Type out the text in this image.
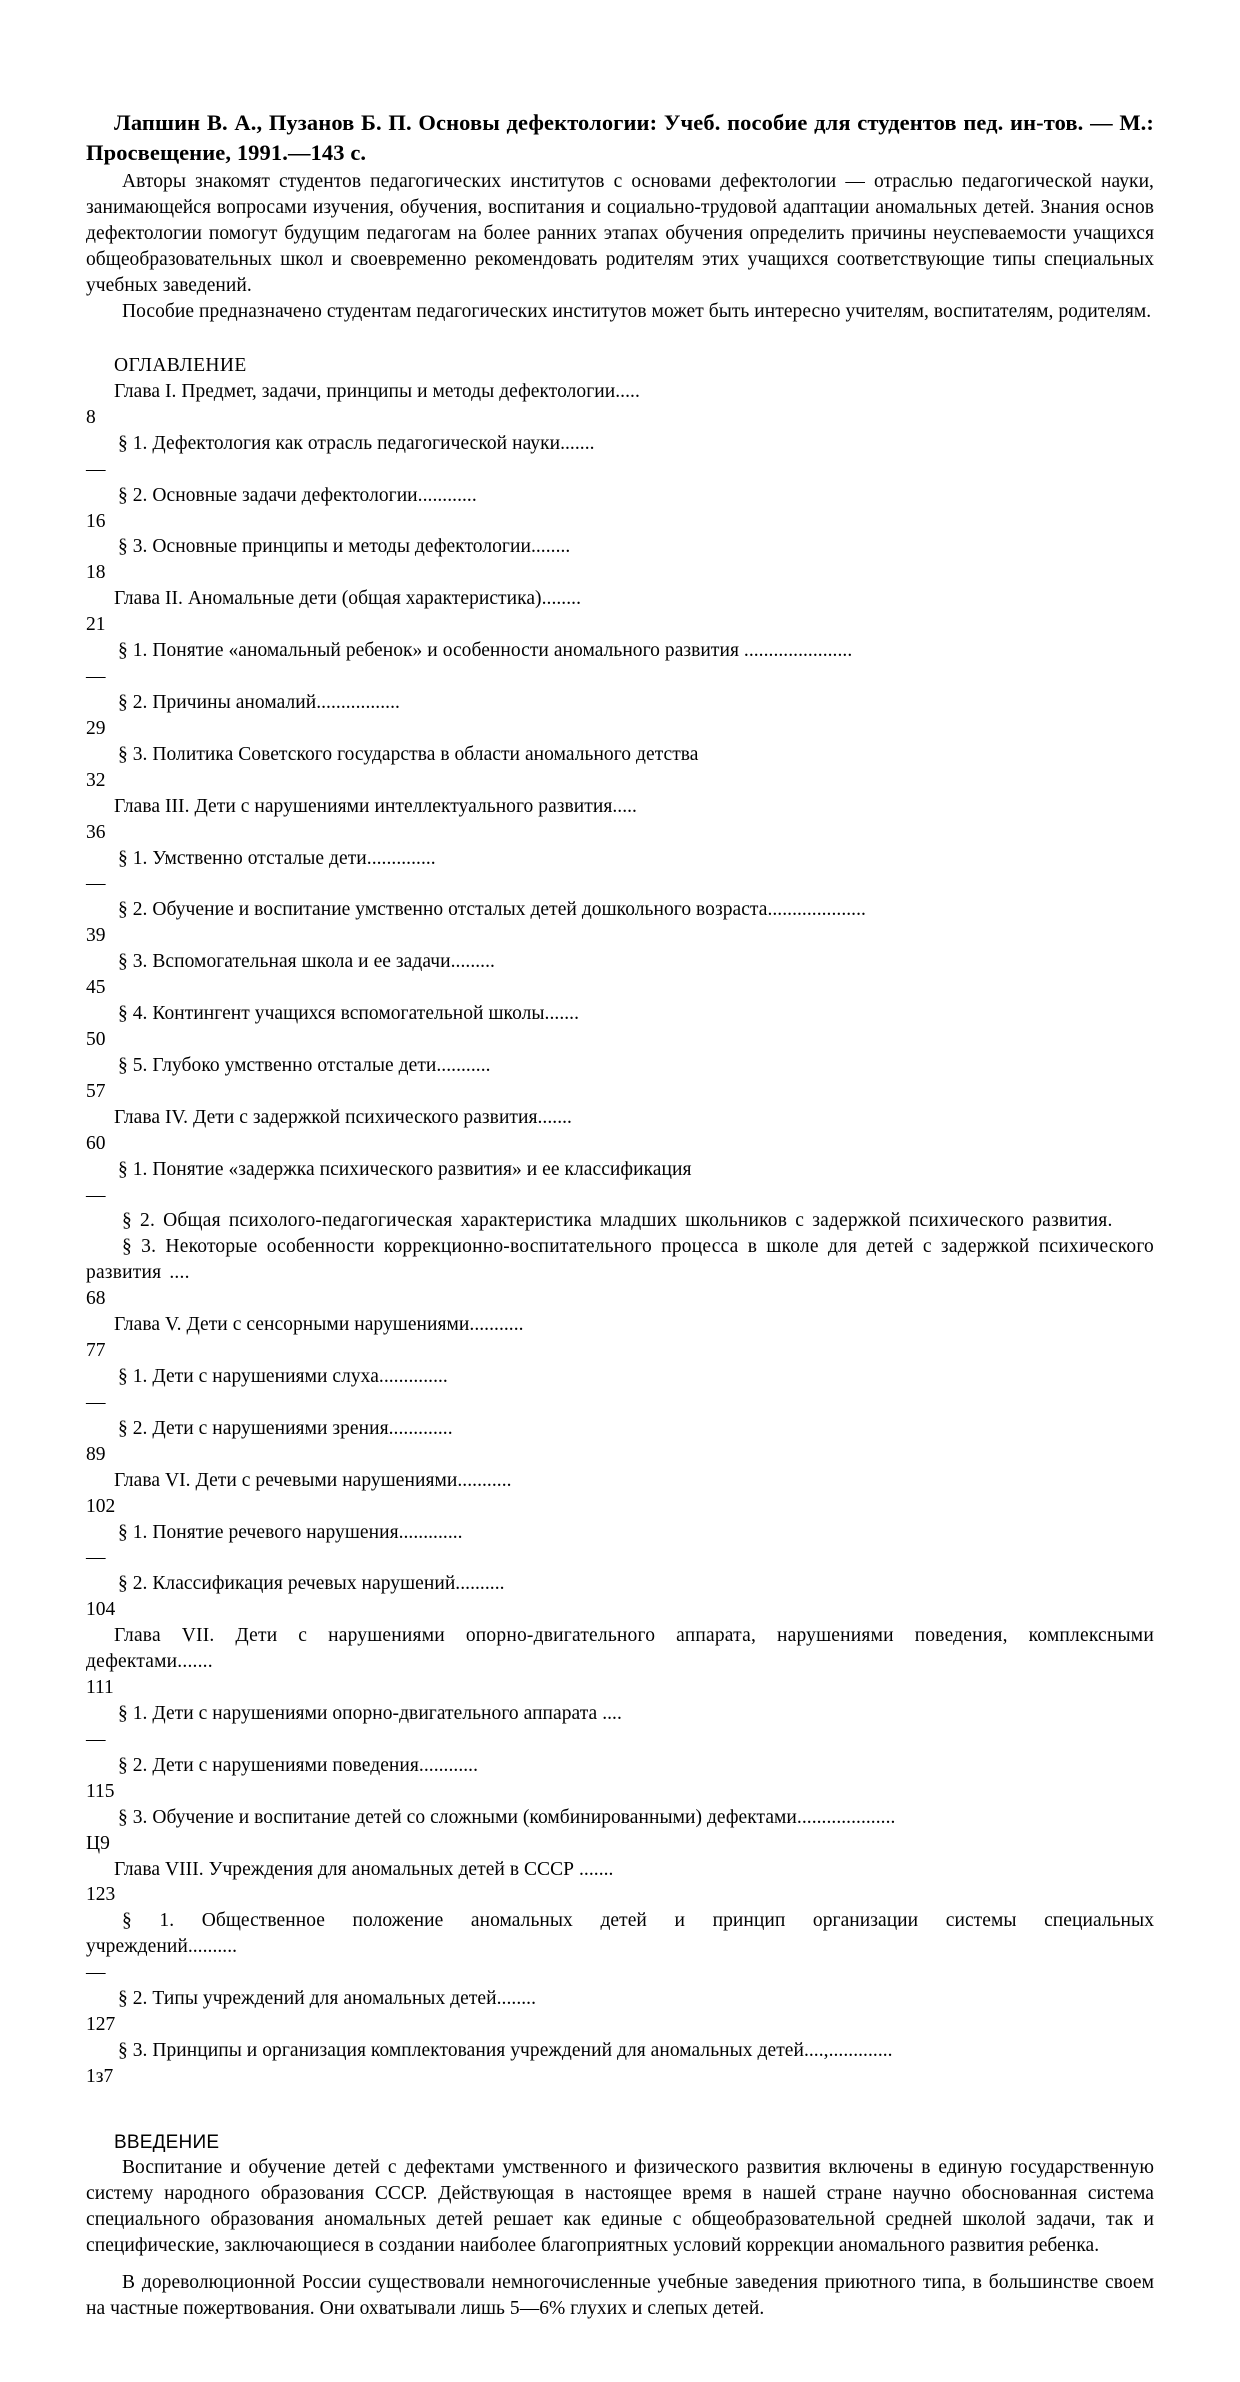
Лапшин В. А., Пузанов Б. П. Основы дефектологии: Учеб. пособие для студентов пед. ин-тов. — М.: Просвещение, 1991.—143 с.

Авторы знакомят студентов педагогических институтов с основами дефектологии — отраслью педагогической науки, занимающейся вопросами изучения, обучения, воспитания и социально-трудовой адаптации аномальных детей. Знания основ дефектологии помогут будущим педагогам на более ранних этапах обучения определить причины неуспеваемости учащихся общеобразовательных школ и своевременно рекомендовать родителям этих учащихся соответствующие типы специальных учебных заведений.

Пособие предназначено студентам педагогических институтов может быть интересно учителям, воспитателям, родителям.

ОГЛАВЛЕНИЕ
Глава I. Предмет, задачи, принципы и методы дефектологии.....
8
§ 1. Дефектология как отрасль педагогической науки.......
—
§ 2. Основные задачи дефектологии............
16
§ 3. Основные принципы и методы дефектологии........
18
Глава II. Аномальные дети (общая характеристика)........
21
§ 1. Понятие «аномальный ребенок» и особенности аномального развития ......................
—
§ 2. Причины аномалий.................
29
§ 3. Политика Советского государства в области аномального детства
32
Глава III. Дети с нарушениями интеллектуального развития.....
36
§ 1. Умственно отсталые дети..............
—
§ 2. Обучение и воспитание умственно отсталых детей дошкольного возраста....................
39
§ 3. Вспомогательная школа и ее задачи.........
45
§ 4. Контингент учащихся вспомогательной школы.......
50
§ 5. Глубоко умственно отсталые дети...........
57
Глава IV. Дети с задержкой психического развития.......
60
§ 1. Понятие «задержка психического развития» и ее классификация
—
§ 2. Общая психолого-педагогическая характеристика младших школьников с задержкой психического развития.
§ 3. Некоторые особенности коррекционно-воспитательного процесса в школе для детей с задержкой психического развития ....
68
Глава V. Дети с сенсорными нарушениями...........
77
§ 1. Дети с нарушениями слуха..............
—
§ 2. Дети с нарушениями зрения.............
89
Глава VI. Дети с речевыми нарушениями...........
102
§ 1. Понятие речевого нарушения.............
—
§ 2. Классификация речевых нарушений..........
104
Глава VII. Дети с нарушениями опорно-двигательного аппарата, нарушениями поведения, комплексными дефектами.......
111
§ 1. Дети с нарушениями опорно-двигательного аппарата ....
—
§ 2. Дети с нарушениями поведения............
115
§ 3. Обучение и воспитание детей со сложными (комбинированными) дефектами....................
Ц9
Глава VIII. Учреждения для аномальных детей в СССР .......
123
§ 1. Общественное положение аномальных детей и принцип организации системы специальных учреждений..........
—
§ 2. Типы учреждений для аномальных детей........
127
§ 3. Принципы и организация комплектования учреждений для аномальных детей....,.............
1з7
ВВЕДЕНИЕ

Воспитание и обучение детей с дефектами умственного и физического развития включены в единую государственную систему народного образования СССР. Действующая в настоящее время в нашей стране научно обоснованная система специального образования аномальных детей решает как единые с общеобразовательной средней школой задачи, так и специфические, заключающиеся в создании наиболее благоприятных условий коррекции аномального развития ребенка.

В дореволюционной России существовали немногочисленные учебные заведения приютного типа, в большинстве своем на частные пожертвования. Они охватывали лишь 5—6% глухих и слепых детей.
